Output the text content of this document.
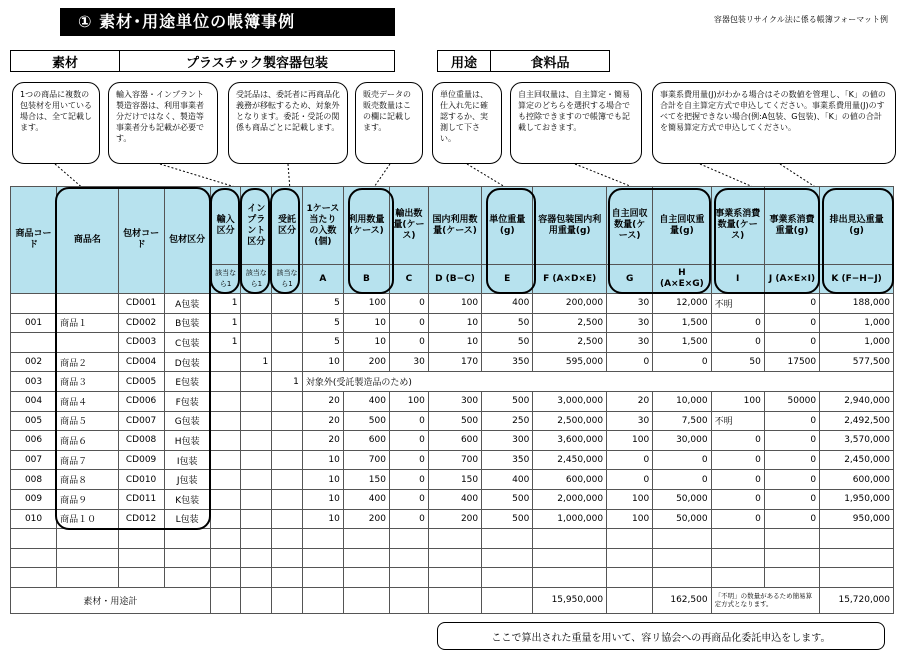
① 素材･用途単位の帳簿事例	容器包装リサイクル法に係る帳簿フォーマット例
素材	プラスチック製容器包装	用途	食料品
1つの商品に複数の包装材を用いている場合は、全て記載します。
輸入容器・インプラント製造容器は、利用事業者分だけではなく、製造等事業者分も記載が必要です。
受託品は、委託者に再商品化義務が移転するため、対象外となります。委託・受託の関係も商品ごとに記載します。
販売データの販売数量はこの欄に記載します。
単位重量は、仕入れ先に確認するか、実測して下さい。
自主回収量は、自主算定・簡易算定のどちらを選択する場合でも控除できますので帳簿でも記載しておきます。
事業系費用量(J)がわかる場合はその数値を管理し、「K」の値の合計を自主算定方式で申込してください。事業系費用量(J)のすべてを把握できない場合(例:A包装、G包装)、「K」の値の合計を簡易算定方式で申込してください。
商品コード	商品名	包材コード	包材区分	輸入区分	インプラント区分	受託区分	1ケース当たりの入数(個)	利用数量(ケース)	輸出数量(ケース)	国内利用数量(ケース)	単位重量(g)	容器包装国内利用重量(g)	自主回収数量(ケース)	自主回収重量(g)	事業系消費数量(ケース)	事業系消費重量(g)	排出見込重量(g)
				該当なら1	該当なら1	該当なら1	A	B	C	D (B−C)	E	F (A×D×E)	G	H (A×E×G)	I	J (A×E×I)	K (F−H−J)
		CD001	A包装	1			5	100	0	100	400	200,000	30	12,000	不明	0	188,000
001	商品１	CD002	B包装	1			5	10	0	10	50	2,500	30	1,500	0	0	1,000
		CD003	C包装	1			5	10	0	10	50	2,500	30	1,500	0	0	1,000
002	商品２	CD004	D包装		1		10	200	30	170	350	595,000	0	0	50	17500	577,500
003	商品３	CD005	E包装			1	対象外(受託製造品のため)										
004	商品４	CD006	F包装				20	400	100	300	500	3,000,000	20	10,000	100	50000	2,940,000
005	商品５	CD007	G包装				20	500	0	500	250	2,500,000	30	7,500	不明	0	2,492,500
006	商品６	CD008	H包装				20	600	0	600	300	3,600,000	100	30,000	0	0	3,570,000
007	商品７	CD009	I包装				10	700	0	700	350	2,450,000	0	0	0	0	2,450,000
008	商品８	CD010	J包装				10	150	0	150	400	600,000	0	0	0	0	600,000
009	商品９	CD011	K包装				10	400	0	400	500	2,000,000	100	50,000	0	0	1,950,000
010	商品１０	CD012	L包装				10	200	0	200	500	1,000,000	100	50,000	0	0	950,000

素材・用途計												15,950,000		162,500	「不明」の数量があるため簡易算定方式となります。		15,720,000
ここで算出された重量を用いて、容リ協会への再商品化委託申込をします。
